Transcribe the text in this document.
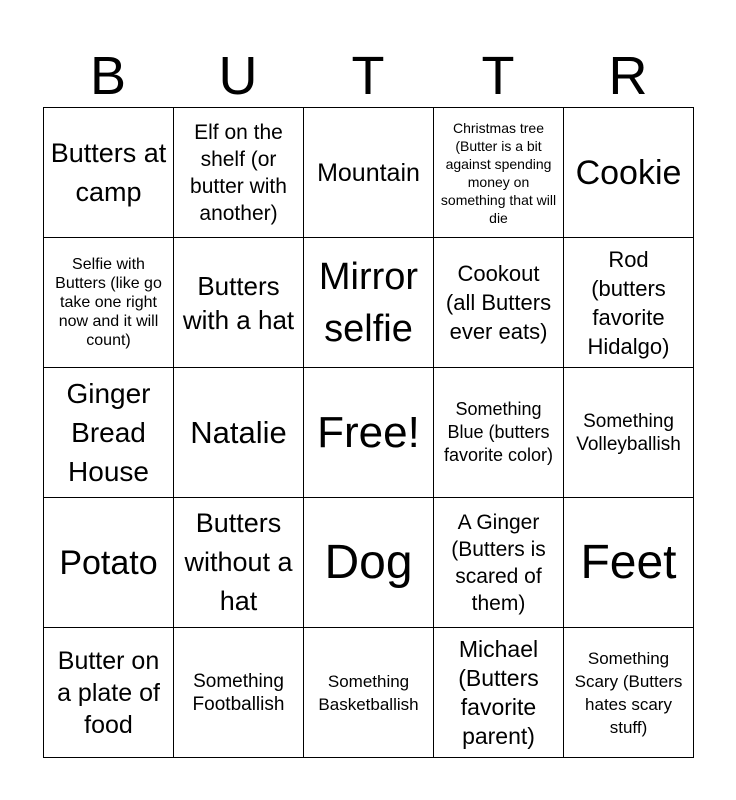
B	U	T	T	R
Butters at camp	Elf on the shelf (or butter with another)	Mountain	Christmas tree (Butter is a bit against spending money on something that will die	Cookie
Selfie with Butters (like go take one right now and it will count)	Butters with a hat	Mirror selfie	Cookout (all Butters ever eats)	Rod (butters favorite Hidalgo)
Ginger Bread House	Natalie	Free!	Something Blue (butters favorite color)	Something Volleyballish
Potato	Butters without a hat	Dog	A Ginger (Butters is scared of them)	Feet
Butter on a plate of food	Something Footballish	Something Basketballish	Michael (Butters favorite parent)	Something Scary (Butters hates scary stuff)
